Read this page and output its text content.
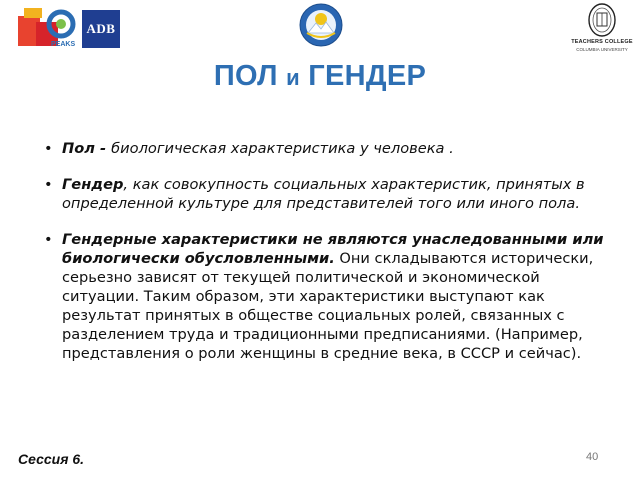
PEAKS
ADB
TEACHERS COLLEGE
COLUMBIA UNIVERSITY
ПОЛ и ГЕНДЕР
• Пол - биологическая характеристика у человека .
• Гендер, как совокупность социальных характеристик, принятых в определенной культуре для представителей того или иного пола.
• Гендерные характеристики не являются унаследованными или биологически обусловленными. Они складываются исторически, серьезно зависят от текущей политической и экономической ситуации. Таким образом, эти характеристики выступают как результат принятых в обществе социальных ролей, связанных с разделением труда и традиционными предписаниями. (Например, представления о роли женщины в средние века, в СССР и сейчас).
Сессия 6.	40
